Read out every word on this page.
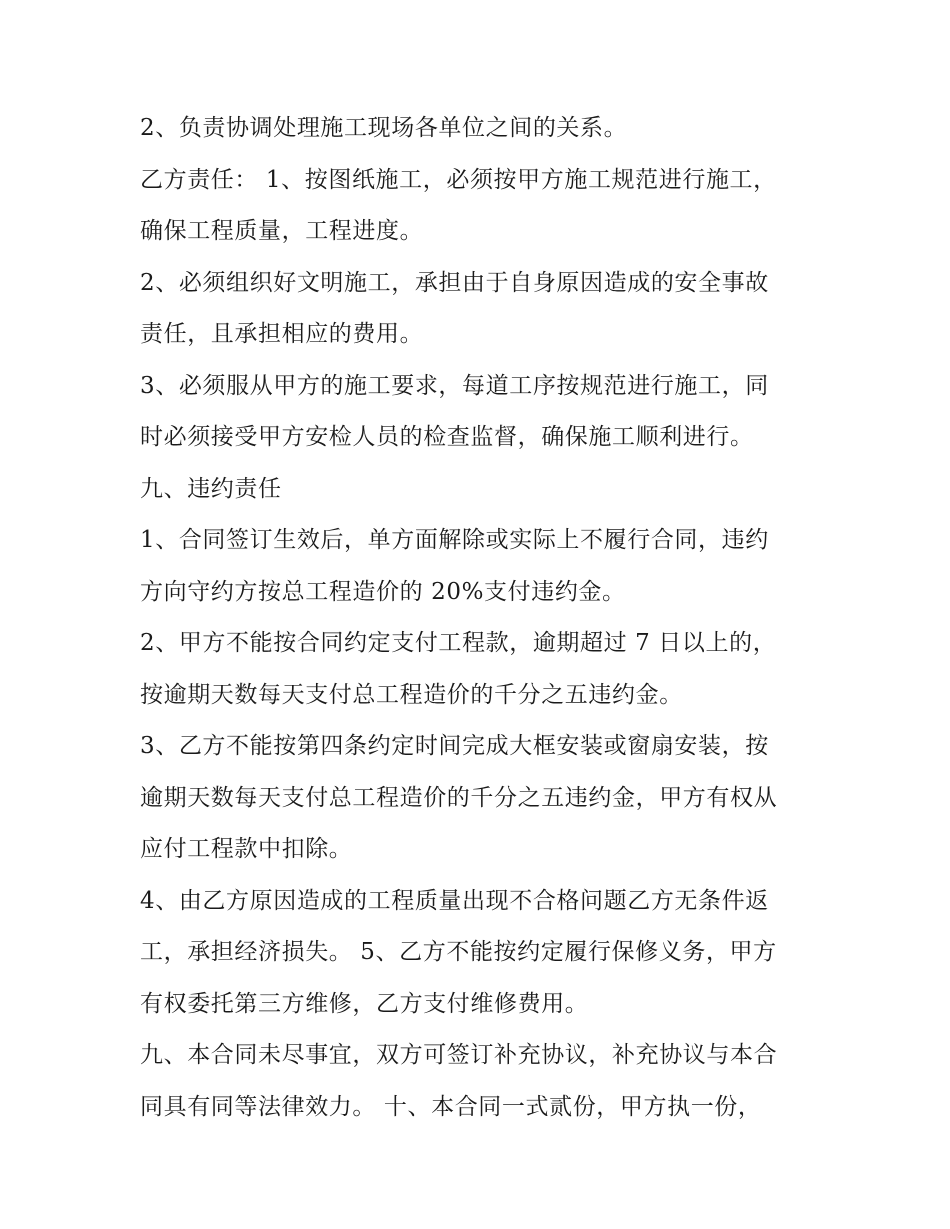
2、负责协调处理施工现场各单位之间的关系。
乙方责任： 1、按图纸施工，必须按甲方施工规范进行施工，
确保工程质量，工程进度。
2、必须组织好文明施工，承担由于自身原因造成的安全事故
责任，且承担相应的费用。
3、必须服从甲方的施工要求，每道工序按规范进行施工，同
时必须接受甲方安检人员的检查监督，确保施工顺利进行。
九、违约责任
1、合同签订生效后，单方面解除或实际上不履行合同，违约
方向守约方按总工程造价的 20%支付违约金。
2、甲方不能按合同约定支付工程款，逾期超过 7 日以上的，
按逾期天数每天支付总工程造价的千分之五违约金。
3、乙方不能按第四条约定时间完成大框安装或窗扇安装，按
逾期天数每天支付总工程造价的千分之五违约金，甲方有权从
应付工程款中扣除。
4、由乙方原因造成的工程质量出现不合格问题乙方无条件返
工，承担经济损失。 5、乙方不能按约定履行保修义务，甲方
有权委托第三方维修，乙方支付维修费用。
九、本合同未尽事宜，双方可签订补充协议，补充协议与本合
同具有同等法律效力。 十、本合同一式贰份，甲方执一份，
